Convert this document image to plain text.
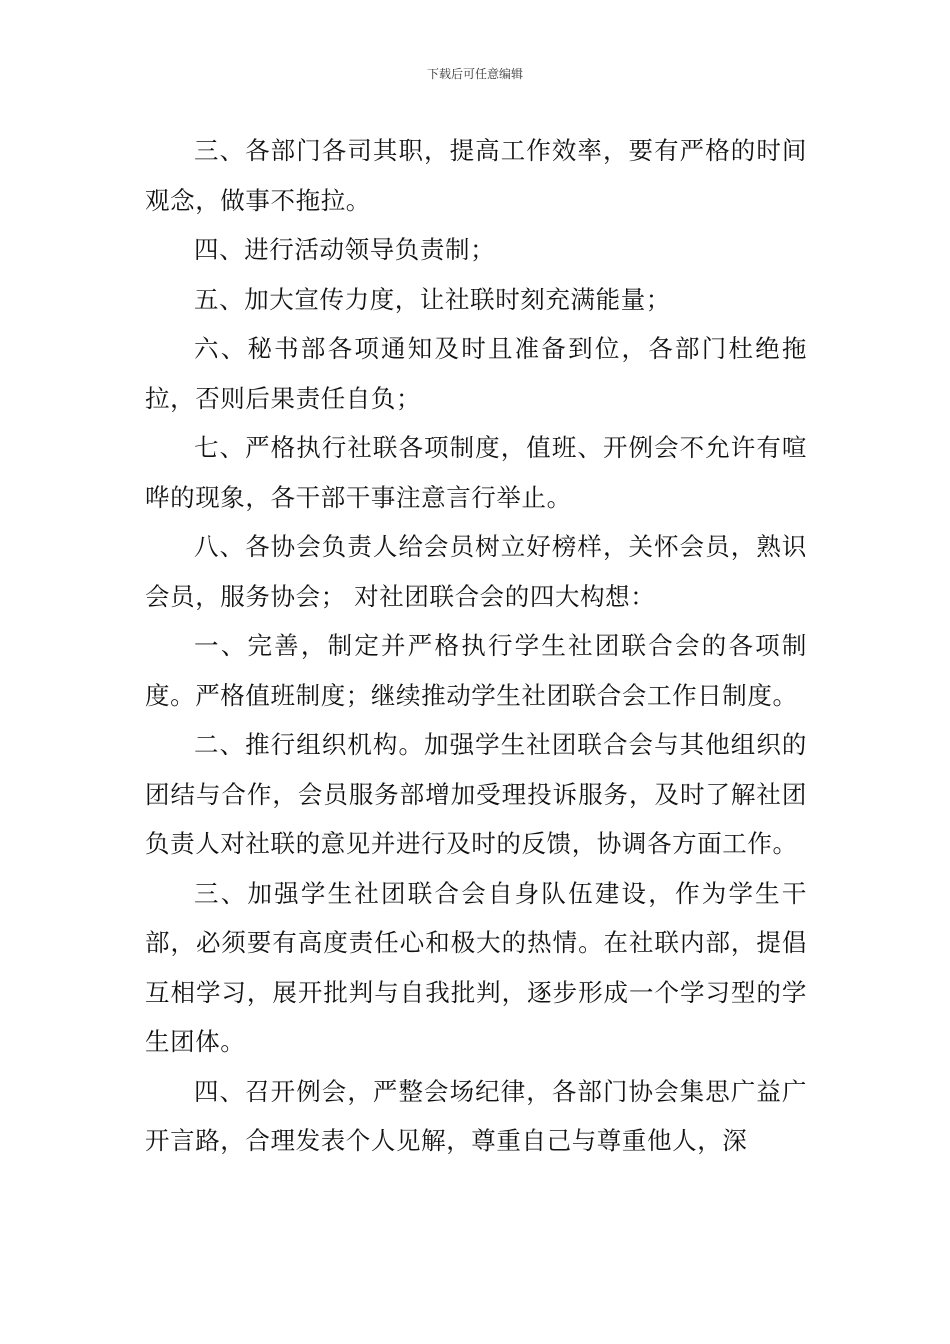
下载后可任意编辑

三、各部门各司其职，提高工作效率，要有严格的时间观念，做事不拖拉。

四、进行活动领导负责制；

五、加大宣传力度，让社联时刻充满能量；

六、秘书部各项通知及时且准备到位，各部门杜绝拖拉，否则后果责任自负；

七、严格执行社联各项制度，值班、开例会不允许有喧哗的现象，各干部干事注意言行举止。

八、各协会负责人给会员树立好榜样，关怀会员，熟识会员，服务协会； 对社团联合会的四大构想：

一、完善，制定并严格执行学生社团联合会的各项制度。严格值班制度；继续推动学生社团联合会工作日制度。

二、推行组织机构。加强学生社团联合会与其他组织的团结与合作，会员服务部增加受理投诉服务，及时了解社团负责人对社联的意见并进行及时的反馈，协调各方面工作。

三、加强学生社团联合会自身队伍建设，作为学生干部，必须要有高度责任心和极大的热情。在社联内部，提倡互相学习，展开批判与自我批判，逐步形成一个学习型的学生团体。

四、召开例会，严整会场纪律，各部门协会集思广益广开言路，合理发表个人见解，尊重自己与尊重他人，深
